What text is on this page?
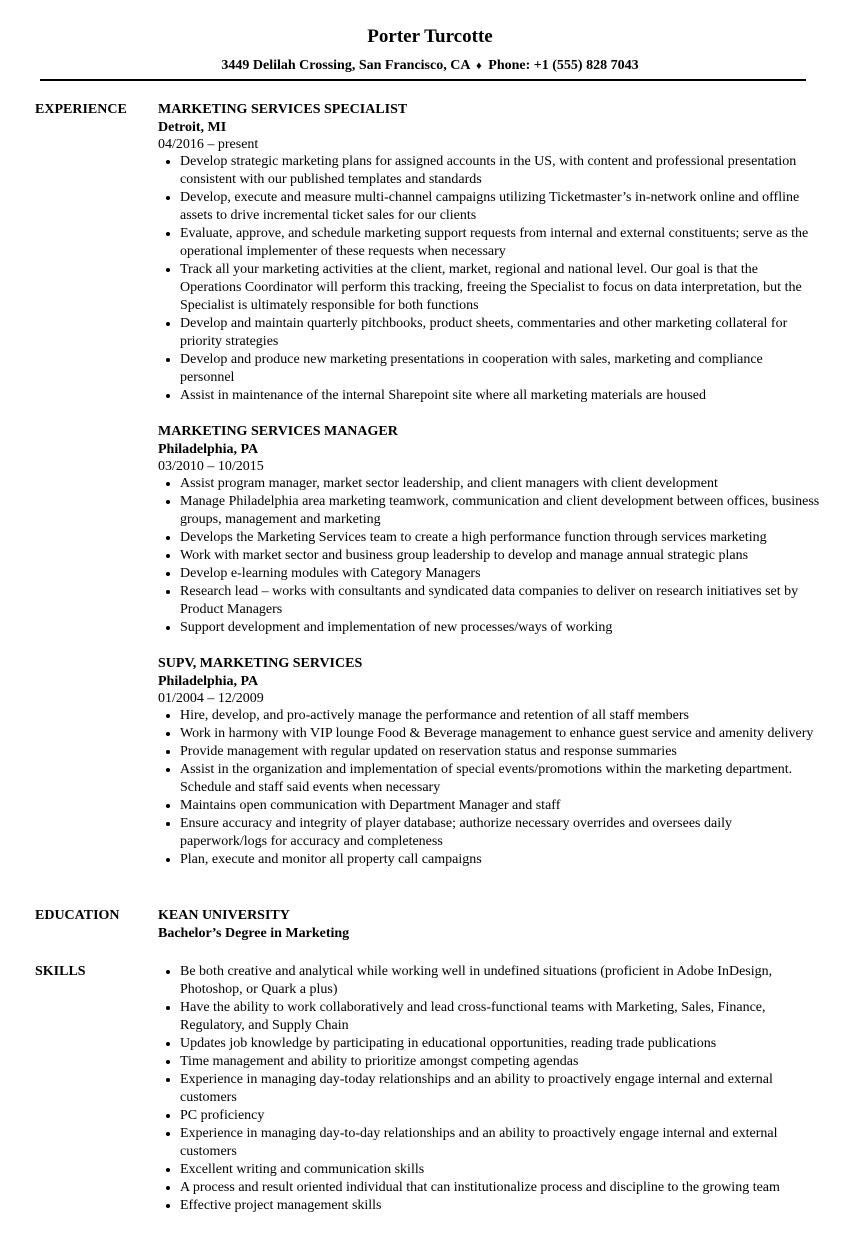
Porter Turcotte
3449 Delilah Crossing, San Francisco, CA ♦ Phone: +1 (555) 828 7043
EXPERIENCE	MARKETING SERVICES SPECIALIST
Detroit, MI
04/2016 – present
Develop strategic marketing plans for assigned accounts in the US, with content and professional presentation consistent with our published templates and standards
Develop, execute and measure multi-channel campaigns utilizing Ticketmaster’s in-network online and offline assets to drive incremental ticket sales for our clients
Evaluate, approve, and schedule marketing support requests from internal and external constituents; serve as the operational implementer of these requests when necessary
Track all your marketing activities at the client, market, regional and national level. Our goal is that the Operations Coordinator will perform this tracking, freeing the Specialist to focus on data interpretation, but the Specialist is ultimately responsible for both functions
Develop and maintain quarterly pitchbooks, product sheets, commentaries and other marketing collateral for priority strategies
Develop and produce new marketing presentations in cooperation with sales, marketing and compliance personnel
Assist in maintenance of the internal Sharepoint site where all marketing materials are housed
MARKETING SERVICES MANAGER
Philadelphia, PA
03/2010 – 10/2015
Assist program manager, market sector leadership, and client managers with client development
Manage Philadelphia area marketing teamwork, communication and client development between offices, business groups, management and marketing
Develops the Marketing Services team to create a high performance function through services marketing
Work with market sector and business group leadership to develop and manage annual strategic plans
Develop e-learning modules with Category Managers
Research lead – works with consultants and syndicated data companies to deliver on research initiatives set by Product Managers
Support development and implementation of new processes/ways of working
SUPV, MARKETING SERVICES
Philadelphia, PA
01/2004 – 12/2009
Hire, develop, and pro-actively manage the performance and retention of all staff members
Work in harmony with VIP lounge Food & Beverage management to enhance guest service and amenity delivery
Provide management with regular updated on reservation status and response summaries
Assist in the organization and implementation of special events/promotions within the marketing department. Schedule and staff said events when necessary
Maintains open communication with Department Manager and staff
Ensure accuracy and integrity of player database; authorize necessary overrides and oversees daily paperwork/logs for accuracy and completeness
Plan, execute and monitor all property call campaigns
EDUCATION	KEAN UNIVERSITY
Bachelor’s Degree in Marketing
SKILLS	Be both creative and analytical while working well in undefined situations (proficient in Adobe InDesign, Photoshop, or Quark a plus)
Have the ability to work collaboratively and lead cross-functional teams with Marketing, Sales, Finance, Regulatory, and Supply Chain
Updates job knowledge by participating in educational opportunities, reading trade publications
Time management and ability to prioritize amongst competing agendas
Experience in managing day-today relationships and an ability to proactively engage internal and external customers
PC proficiency
Experience in managing day-to-day relationships and an ability to proactively engage internal and external customers
Excellent writing and communication skills
A process and result oriented individual that can institutionalize process and discipline to the growing team
Effective project management skills
